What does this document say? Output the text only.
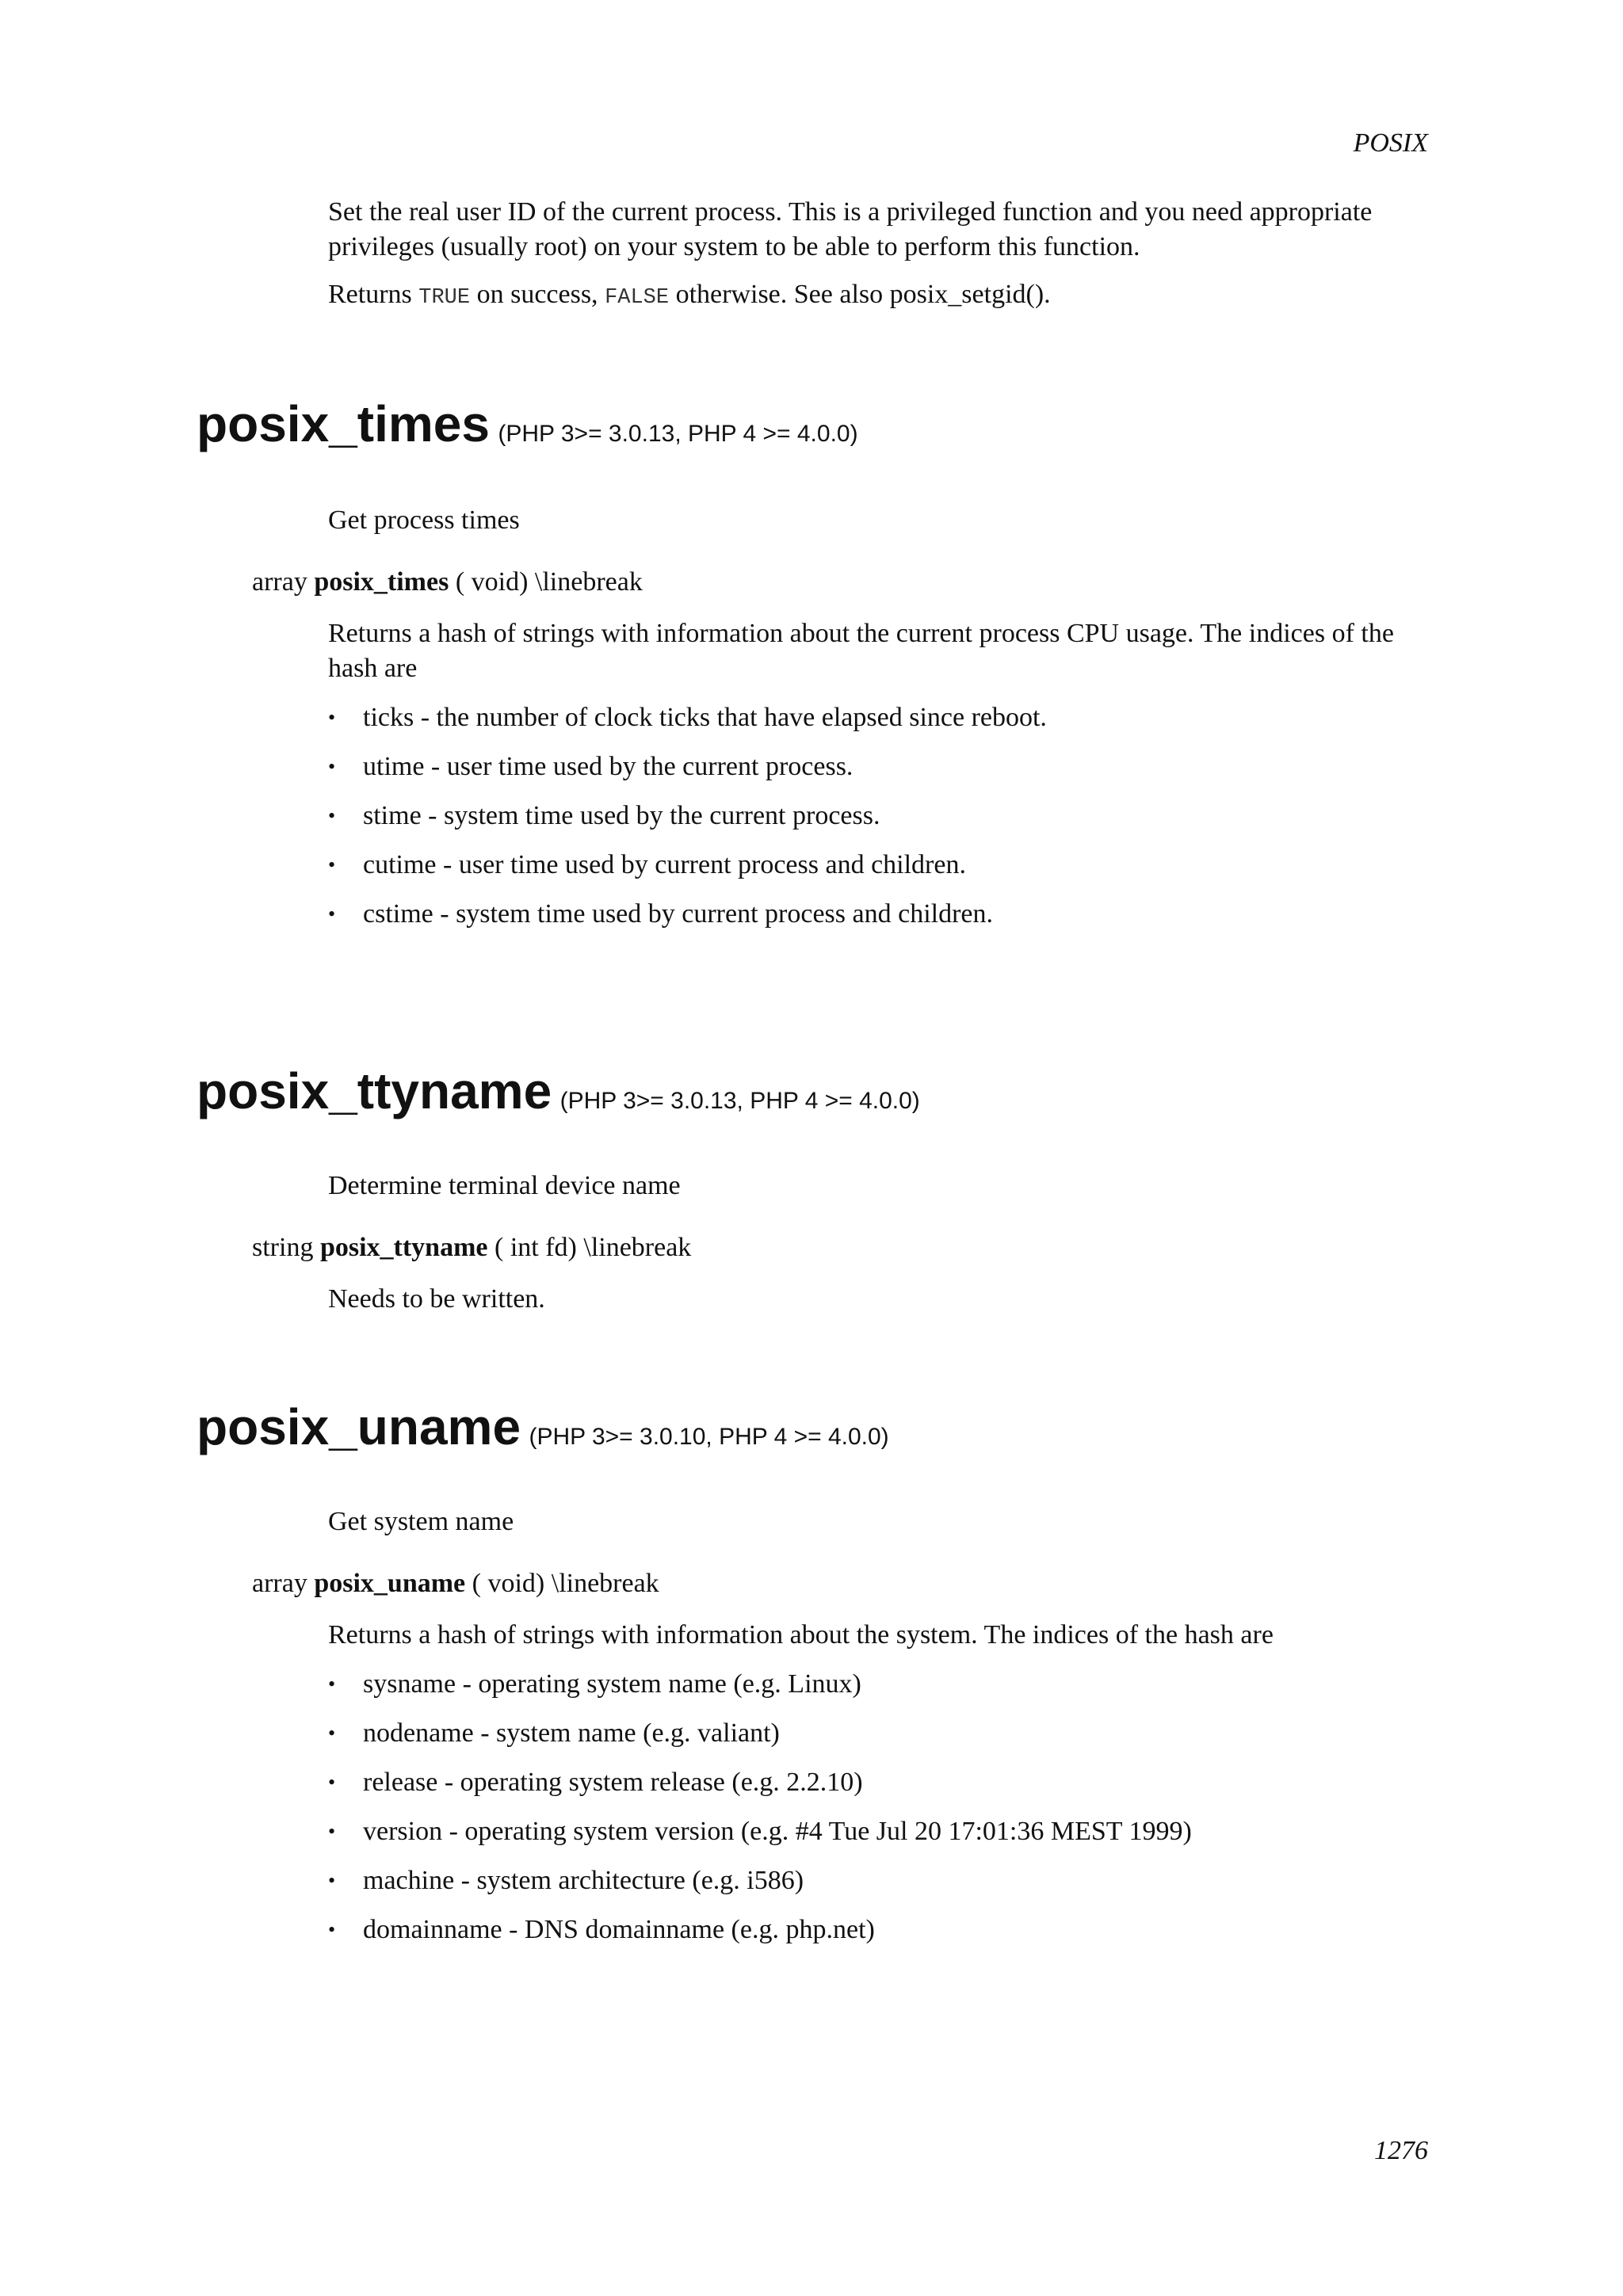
POSIX

Set the real user ID of the current process. This is a privileged function and you need appropriate privileges (usually root) on your system to be able to perform this function.

Returns TRUE on success, FALSE otherwise. See also posix_setgid().

posix_times (PHP 3>= 3.0.13, PHP 4 >= 4.0.0)
Get process times
array posix_times ( void) \linebreak

Returns a hash of strings with information about the current process CPU usage. The indices of the hash are

• ticks - the number of clock ticks that have elapsed since reboot.
• utime - user time used by the current process.
• stime - system time used by the current process.
• cutime - user time used by current process and children.
• cstime - system time used by current process and children.
posix_ttyname (PHP 3>= 3.0.13, PHP 4 >= 4.0.0)
Determine terminal device name
string posix_ttyname ( int fd) \linebreak

Needs to be written.

posix_uname (PHP 3>= 3.0.10, PHP 4 >= 4.0.0)
Get system name
array posix_uname ( void) \linebreak

Returns a hash of strings with information about the system. The indices of the hash are

• sysname - operating system name (e.g. Linux)
• nodename - system name (e.g. valiant)
• release - operating system release (e.g. 2.2.10)
• version - operating system version (e.g. #4 Tue Jul 20 17:01:36 MEST 1999)
• machine - system architecture (e.g. i586)
• domainname - DNS domainname (e.g. php.net)
1276
